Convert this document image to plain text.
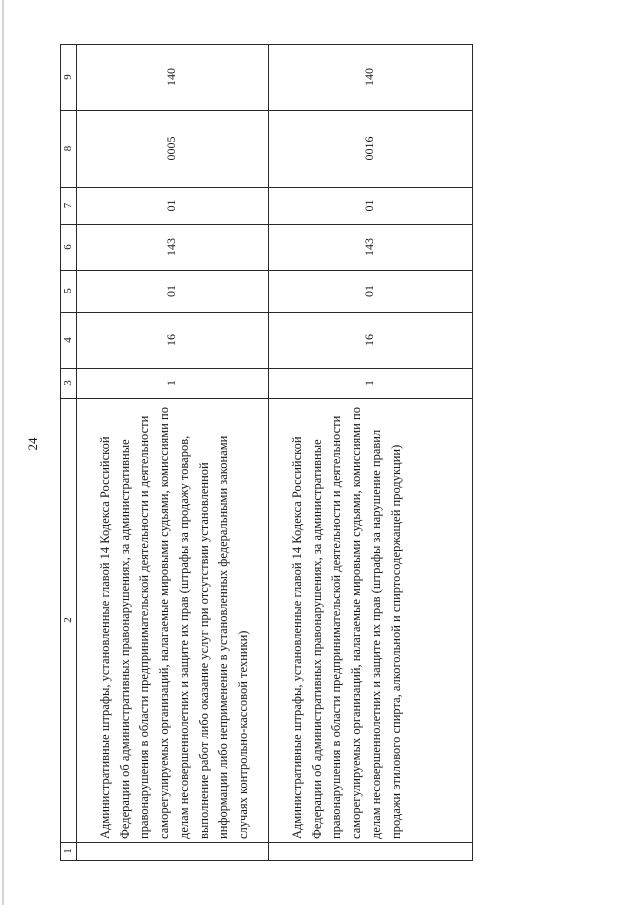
24
1
2
3
4
5
6
7
8
9
Административные штрафы, установленные главой 14 Кодекса Российской Федерации об административных правонарушениях, за административные правонарушения в области предпринимательской деятельности и деятельности саморегулируемых организаций, налагаемые мировыми судьями, комиссиями по делам несовершеннолетних и защите их прав (штрафы за продажу товаров, выполнение работ либо оказание услуг при отсутствии установленной информации либо неприменение в установленных федеральными законами случаях контрольно-кассовой техники)
1
16
01
143
01
0005
140
Административные штрафы, установленные главой 14 Кодекса Российской Федерации об административных правонарушениях, за административные правонарушения в области предпринимательской деятельности и деятельности саморегулируемых организаций, налагаемые мировыми судьями, комиссиями по делам несовершеннолетних и защите их прав (штрафы за нарушение правил продажи этилового спирта, алкогольной и спиртосодержащей продукции)
1
16
01
143
01
0016
140
